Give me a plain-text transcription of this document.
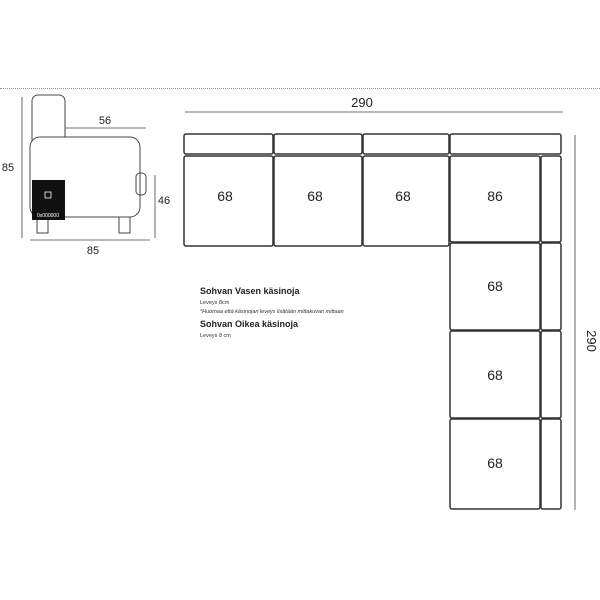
0x000000
85
56
46
85
290
290
68	68	68	86
68
68
68

Sohvan Vasen käsinoja

Leveys 8cm

*Huomaa että käsinojan leveys lisätään mittakuvan mittaan

Sohvan Oikea käsinoja

Leveys 8 cm
